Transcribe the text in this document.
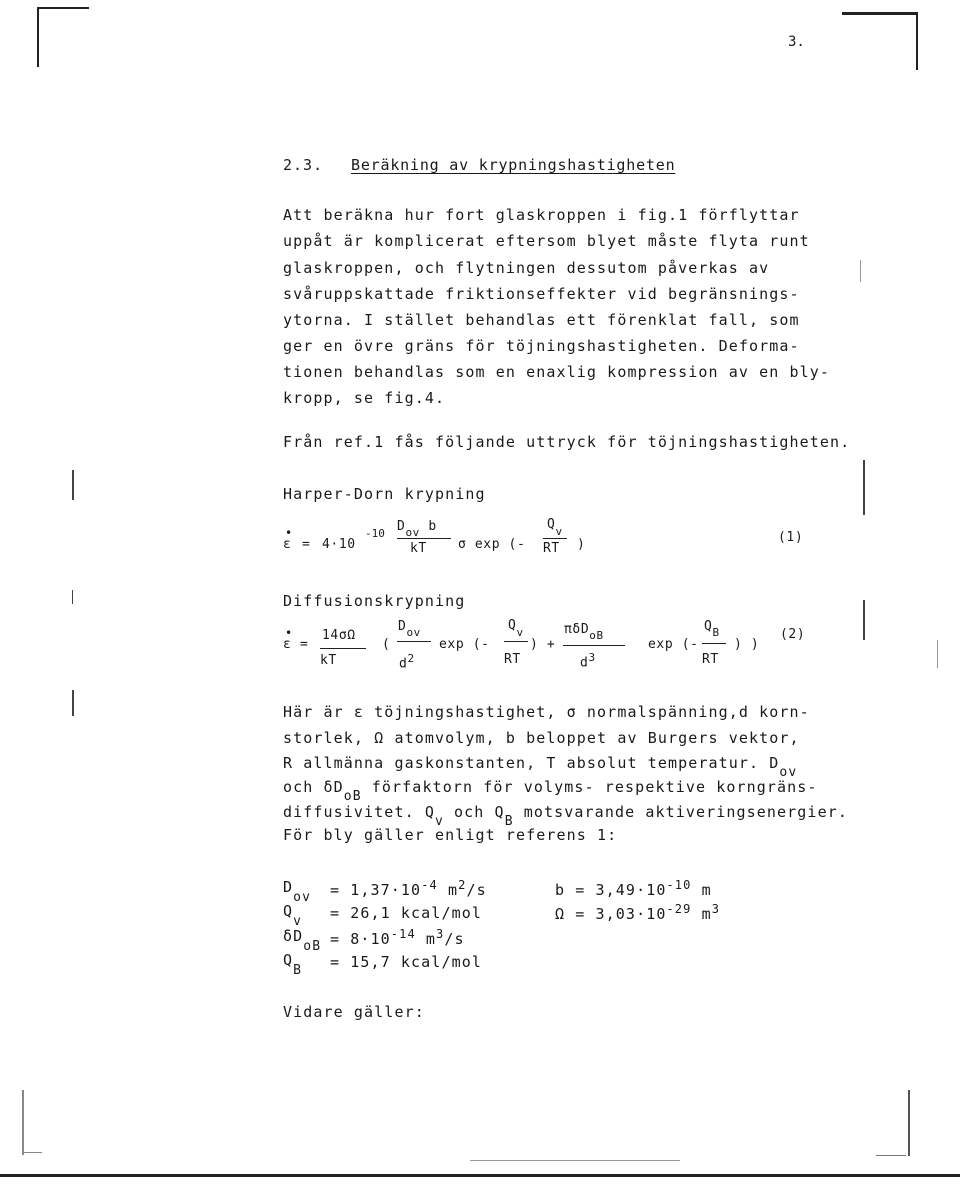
3.
2.3. Beräkning av krypningshastigheten
Att beräkna hur fort glaskroppen i fig.1 förflyttar
uppåt är komplicerat eftersom blyet måste flyta runt
glaskroppen, och flytningen dessutom påverkas av
svåruppskattade friktionseffekter vid begränsnings-
ytorna. I stället behandlas ett förenklat fall, som
ger en övre gräns för töjningshastigheten. Deforma-
tionen behandlas som en enaxlig kompression av en bly-
kropp, se fig.4.
Från ref.1 fås följande uttryck för töjningshastigheten.
Harper-Dorn krypning
ε
•
= 4·10
-10 $D_{ov}$ b
kT σ exp (-
$Q_v$
RT )	(1)
Diffusionskrypning
ε
•
=
14σΩ
kT
(
$D_{ov}$
$d^2$
exp (-
$Q_v$
RT
) +
πδD$_{oB}$
$d^3$
exp (-
$Q_B$
RT
) )
(2)
Här är ε töjningshastighet, σ normalspänning,d korn-
storlek, Ω atomvolym, b beloppet av Burgers vektor,
R allmänna gaskonstanten, T absolut temperatur. Dov
och δDoB förfaktorn för volyms- respektive korngräns-
diffusivitet. Qv och QB motsvarande aktiveringsenergier.
För bly gäller enligt referens 1:
Dov = $1,37\cdot 10^{-4}$ $m^2/s$
Qv = 26,1 kcal/mol
$\delta DoB = 8\cdot 10^{-14}$ $m^3/s$
QB = 15,7 kcal/mol
$b = 3,49\cdot 10^{-10}$ m
$\Omega = 3,03\cdot 10^{-29}$ $m^3$
Vidare gäller:
